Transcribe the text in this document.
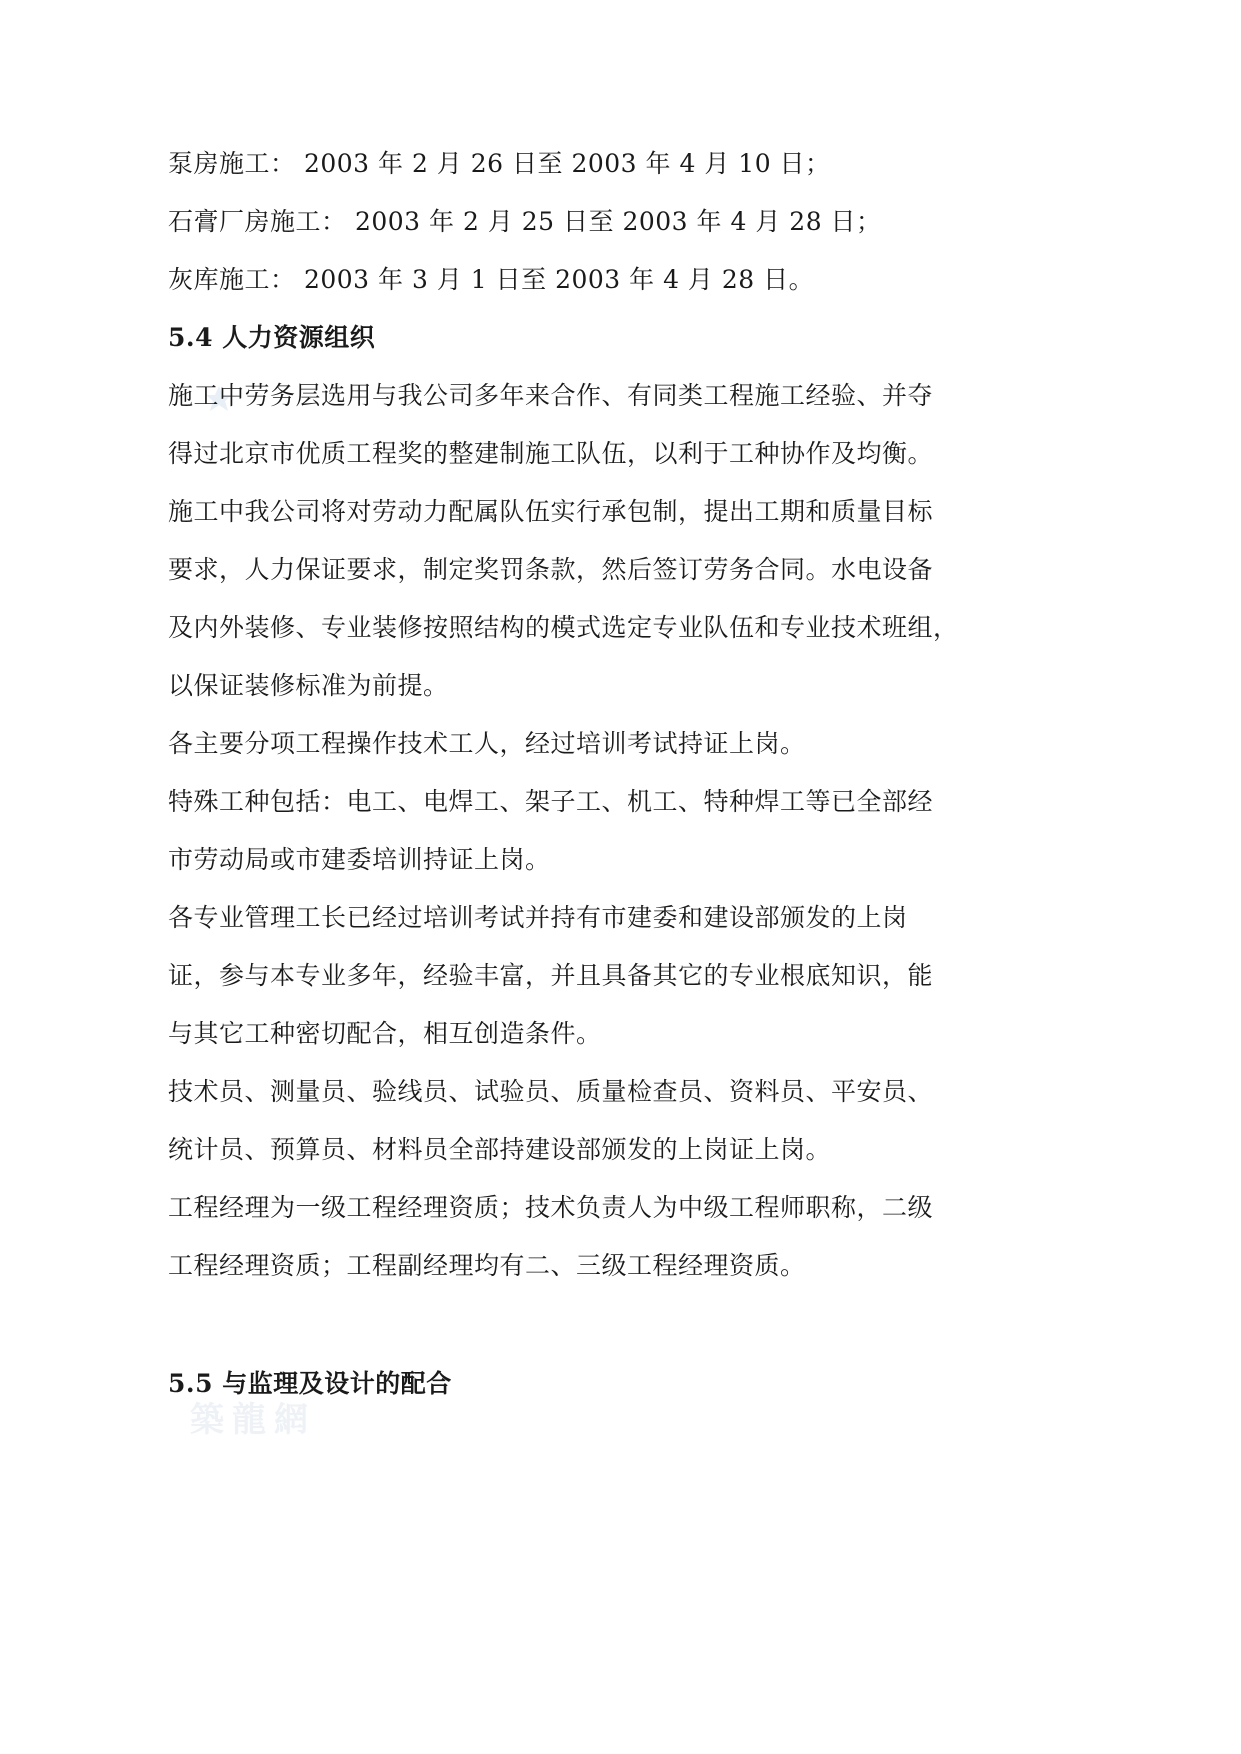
築龍網
泵房施工： 2003 年 2 月 26 日至 2003 年 4 月 10 日；
石膏厂房施工： 2003 年 2 月 25 日至 2003 年 4 月 28 日；
灰库施工： 2003 年 3 月 1 日至 2003 年 4 月 28 日。
5.4 人力资源组织
施工中劳务层选用与我公司多年来合作、有同类工程施工经验、并夺
得过北京市优质工程奖的整建制施工队伍，以利于工种协作及均衡。
施工中我公司将对劳动力配属队伍实行承包制，提出工期和质量目标
要求，人力保证要求，制定奖罚条款，然后签订劳务合同。水电设备
及内外装修、专业装修按照结构的模式选定专业队伍和专业技术班组，
以保证装修标准为前提。
各主要分项工程操作技术工人，经过培训考试持证上岗。
特殊工种包括：电工、电焊工、架子工、机工、特种焊工等已全部经
市劳动局或市建委培训持证上岗。
各专业管理工长已经过培训考试并持有市建委和建设部颁发的上岗
证，参与本专业多年，经验丰富，并且具备其它的专业根底知识，能
与其它工种密切配合，相互创造条件。
技术员、测量员、验线员、试验员、质量检查员、资料员、平安员、
统计员、预算员、材料员全部持建设部颁发的上岗证上岗。
工程经理为一级工程经理资质；技术负责人为中级工程师职称，二级
工程经理资质；工程副经理均有二、三级工程经理资质。
5.5 与监理及设计的配合
